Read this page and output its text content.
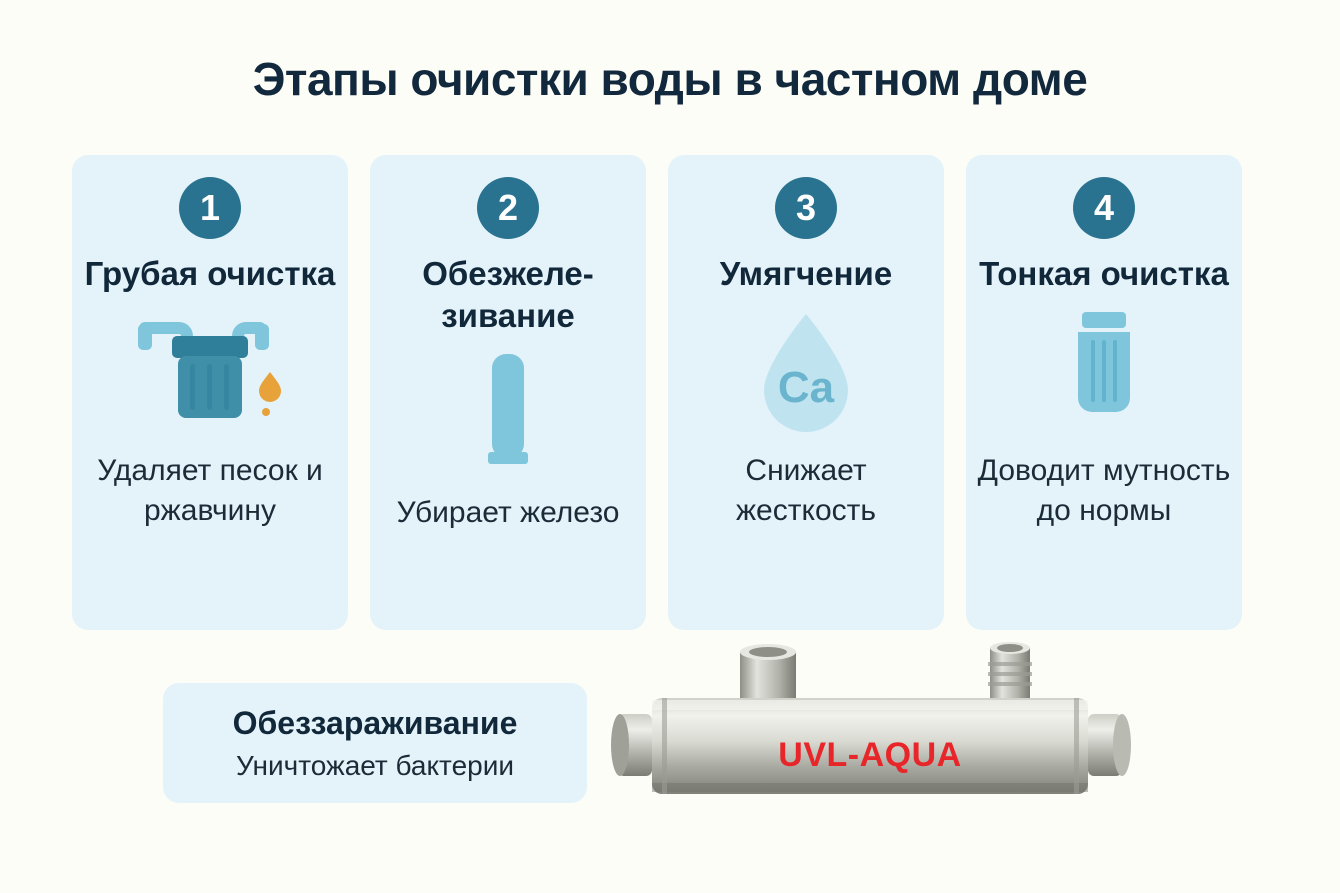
Этапы очистки воды в частном доме
1
Грубая очистка
Удаляет песок и ржавчину
2
Обезжеле-зивание
Убирает железо
3
Умягчение
Ca
Снижает жесткость
4
Тонкая очистка
Доводит мутность до нормы
Обеззараживание
Уничтожает бактерии	UVL-AQUA
